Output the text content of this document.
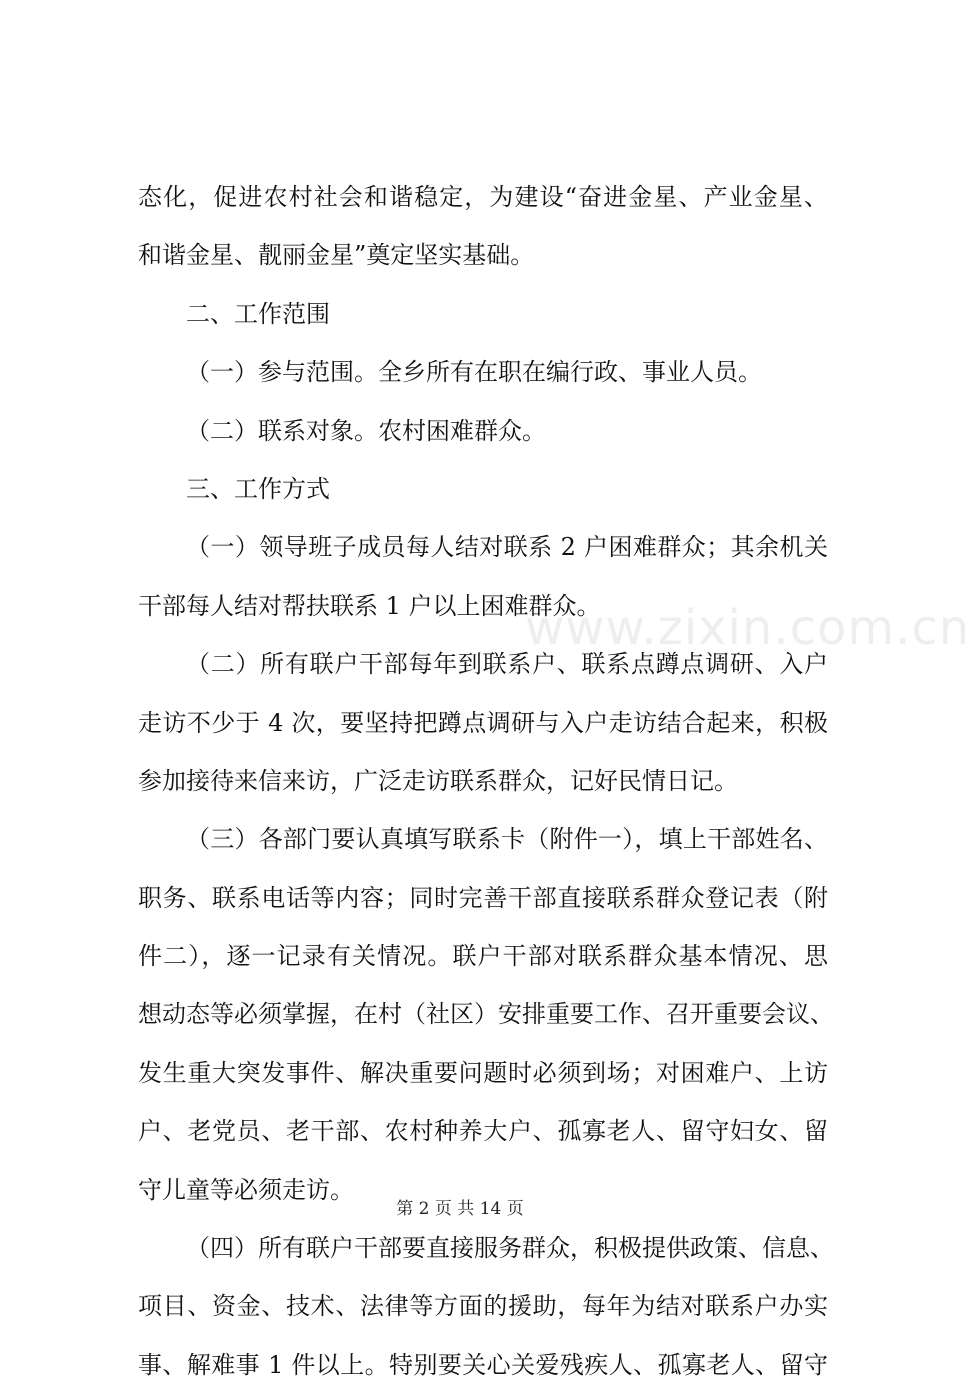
www.zixin.com.cn
态化，促进农村社会和谐稳定，为建设“奋进金星、产业金星、
和谐金星、靓丽金星”奠定坚实基础。
二、工作范围
（一）参与范围。全乡所有在职在编行政、事业人员。
（二）联系对象。农村困难群众。
三、工作方式
（一）领导班子成员每人结对联系 2 户困难群众；其余机关
干部每人结对帮扶联系 1 户以上困难群众。
（二）所有联户干部每年到联系户、联系点蹲点调研、入户
走访不少于 4 次，要坚持把蹲点调研与入户走访结合起来，积极
参加接待来信来访，广泛走访联系群众，记好民情日记。
（三）各部门要认真填写联系卡（附件一），填上干部姓名、
职务、联系电话等内容；同时完善干部直接联系群众登记表（附
件二），逐一记录有关情况。联户干部对联系群众基本情况、思
想动态等必须掌握，在村（社区）安排重要工作、召开重要会议、
发生重大突发事件、解决重要问题时必须到场；对困难户、上访
户、老党员、老干部、农村种养大户、孤寡老人、留守妇女、留
守儿童等必须走访。
（四）所有联户干部要直接服务群众，积极提供政策、信息、
项目、资金、技术、法律等方面的援助，每年为结对联系户办实
事、解难事 1 件以上。特别要关心关爱残疾人、孤寡老人、留守
第 2 页 共 14 页
